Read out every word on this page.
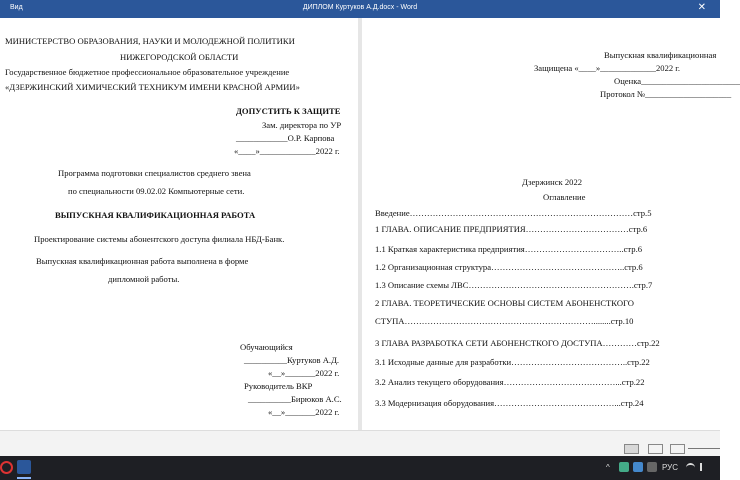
Вид	ДИПЛОМ Куртуков А.Д.docx - Word	✕
МИНИСТЕРСТВО ОБРАЗОВАНИЯ, НАУКИ И МОЛОДЕЖНОЙ ПОЛИТИКИ
НИЖЕГОРОДСКОЙ ОБЛАСТИ
Государственное бюджетное профессиональное образовательное учреждение
«ДЗЕРЖИНСКИЙ ХИМИЧЕСКИЙ ТЕХНИКУМ ИМЕНИ КРАСНОЙ АРМИИ»
ДОПУСТИТЬ К ЗАЩИТЕ
Зам. директора по УР
____________О.Р. Карпова
«____»_____________2022 г.
Программа подготовки специалистов среднего звена
по специальности 09.02.02 Компьютерные сети.
ВЫПУСКНАЯ КВАЛИФИКАЦИОННАЯ РАБОТА
Проектирование системы абонентского доступа филиала НБД-Банк.
Выпускная квалификационная работа выполнена в форме
дипломной работы.
Обучающийся
__________Куртуков А.Д.
«__»_______2022 г.
Руководитель ВКР
__________Бирюков А.С.
«__»_______2022 г.
Выпускная квалификационная
Защищена «____»_____________2022 г.
Оценка_______________________
Протокол №____________________
Дзержинск 2022
Оглавление
Введение……………………………………………………………………стр.5
1 ГЛАВА. ОПИСАНИЕ ПРЕДПРИЯТИЯ………………………………стр.6
1.1 Краткая характеристика предприятия……………………………..стр.6
1.2 Организационная структура………………………………………..стр.6
1.3 Описание схемы ЛВС………………………………………………….стр.7
2 ГЛАВА. ТЕОРЕТИЧЕСКИЕ ОСНОВЫ СИСТЕМ АБОНЕНСТКОГО
СТУПА…………………………………………………………........стр.10
3 ГЛАВА РАЗРАБОТКА СЕТИ АБОНЕНСТКОГО ДОСТУПА…………стр.22
3.1 Исходные данные для разработки…………………………………..стр.22
3.2 Анализ текущего оборудования…………………………………...стр.22
3.3 Модернизация оборудования……………………………………...стр.24
^	РУС
